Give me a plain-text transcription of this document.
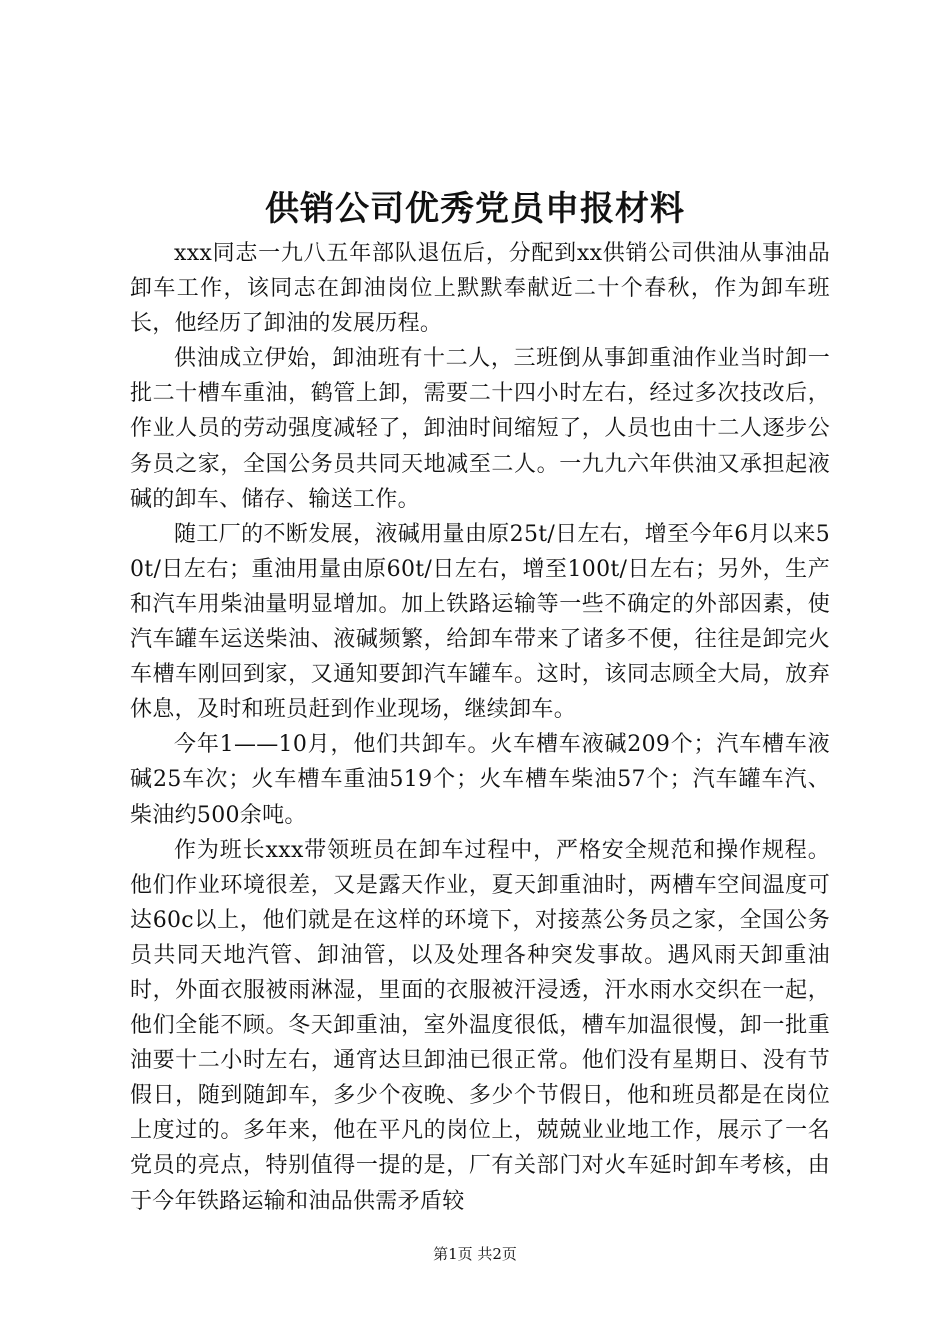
供销公司优秀党员申报材料

xxx同志一九八五年部队退伍后，分配到xx供销公司供油从事油品卸车工作，该同志在卸油岗位上默默奉献近二十个春秋，作为卸车班长，他经历了卸油的发展历程。

供油成立伊始，卸油班有十二人，三班倒从事卸重油作业当时卸一批二十槽车重油，鹤管上卸，需要二十四小时左右，经过多次技改后，作业人员的劳动强度减轻了，卸油时间缩短了，人员也由十二人逐步公务员之家，全国公务员共同天地减至二人。一九九六年供油又承担起液碱的卸车、储存、输送工作。

随工厂的不断发展，液碱用量由原25t/日左右，增至今年6月以来50t/日左右；重油用量由原60t/日左右，增至100t/日左右；另外，生产和汽车用柴油量明显增加。加上铁路运输等一些不确定的外部因素，使汽车罐车运送柴油、液碱频繁，给卸车带来了诸多不便，往往是卸完火车槽车刚回到家，又通知要卸汽车罐车。这时，该同志顾全大局，放弃休息，及时和班员赶到作业现场，继续卸车。

今年1——10月，他们共卸车。火车槽车液碱209个；汽车槽车液碱25车次；火车槽车重油519个；火车槽车柴油57个；汽车罐车汽、柴油约500余吨。

作为班长xxx带领班员在卸车过程中，严格安全规范和操作规程。他们作业环境很差，又是露天作业，夏天卸重油时，两槽车空间温度可达60c以上，他们就是在这样的环境下，对接蒸公务员之家，全国公务员共同天地汽管、卸油管，以及处理各种突发事故。遇风雨天卸重油时，外面衣服被雨淋湿，里面的衣服被汗浸透，汗水雨水交织在一起，他们全能不顾。冬天卸重油，室外温度很低，槽车加温很慢，卸一批重油要十二小时左右，通宵达旦卸油已很正常。他们没有星期日、没有节假日，随到随卸车，多少个夜晚、多少个节假日，他和班员都是在岗位上度过的。多年来，他在平凡的岗位上，兢兢业业地工作，展示了一名党员的亮点，特别值得一提的是，厂有关部门对火车延时卸车考核，由于今年铁路运输和油品供需矛盾较

第1页 共2页
